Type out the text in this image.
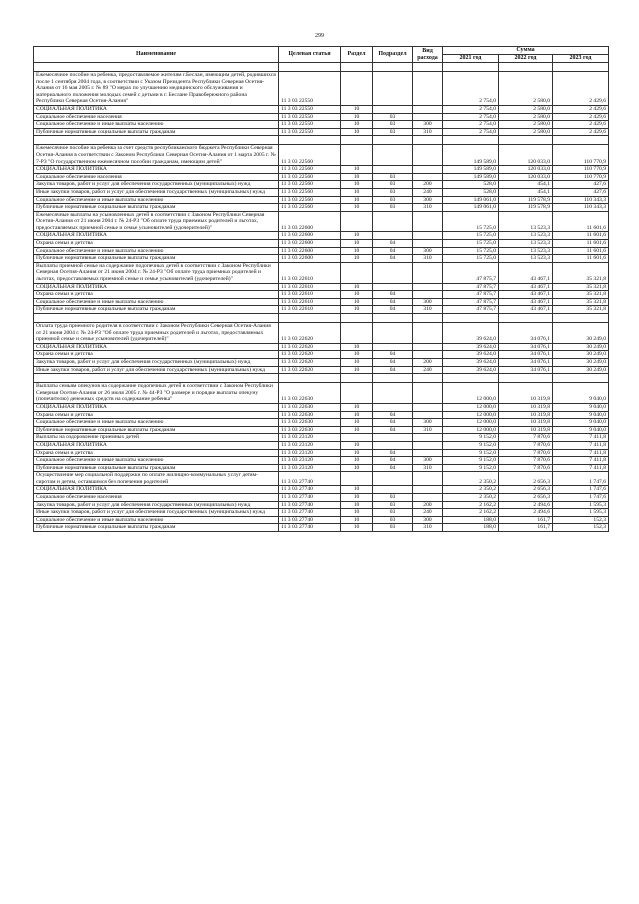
299
Наименование	Целевая статья	Раздел	Подраздел	Вид расхода	Сумма		
					2021 год	2022 год	2023 год

Ежемесячное пособие на ребенка, предоставляемое жителям г.Беслан, имеющим детей, родившихся после 1 сентября 2004 года, в соответствии с Указом Президента Республики Северная Осетия-Алания от 16 мая 2005 г. № 89 "О мерах по улучшению медицинского обслуживания и материального положения молодых семей с детьми в г. Беслане Правобережного района Республики Северная Осетия-Алания"	11 3 03 22550				2 754,0	2 580,0	2 429,6
СОЦИАЛЬНАЯ ПОЛИТИКА	11 3 03 22550	10			2 754,0	2 580,0	2 429,6
Социальное обеспечение населения	11 3 03 22550	10	03		2 754,0	2 580,0	2 429,6
Социальное обеспечение и иные выплаты населению	11 3 03 22550	10	03	300	2 754,0	2 580,0	2 429,6
Публичные нормативные социальные выплаты гражданам	11 3 03 22550	10	03	310	2 754,0	2 580,0	2 429,6

Ежемесячное пособие на ребенка за счет средств республиканского бюджета Республики Северная Осетия-Алания в соответствии с Законом Республики Северная Осетия-Алания от 1 марта 2005 г. № 7-РЗ "О государственном ежемесячном пособии гражданам, имеющим детей"	11 3 03 22560				149 589,0	120 033,0	110 770,9
СОЦИАЛЬНАЯ ПОЛИТИКА	11 3 03 22560	10			149 589,0	120 033,0	110 770,9
Социальное обеспечение населения	11 3 03 22560	10	03		149 589,0	120 033,0	110 770,9
Закупка товаров, работ и услуг для обеспечения государственных (муниципальных) нужд	11 3 03 22560	10	03	200	528,0	454,1	427,6
Иные закупки товаров, работ и услуг для обеспечения государственных (муниципальных) нужд	11 3 03 22560	10	03	240	528,0	454,1	427,6
Социальное обеспечение и иные выплаты населению	11 3 03 22560	10	03	300	149 061,0	119 578,9	110 343,3
Публичные нормативные социальные выплаты гражданам	11 3 03 22560	10	03	310	149 061,0	119 578,9	110 343,3
Ежемесячные выплаты на усыновленных детей в соответствии с Законом Республики Северная Осетия-Алания от 21 июня 2004 г. № 24-РЗ "Об оплате труда приемных родителей и льготах, предоставляемых приемной семье и семье усыновителей (удочерителей)"	11 3 03 22600				15 725,0	13 523,3	11 601,6
СОЦИАЛЬНАЯ ПОЛИТИКА	11 3 03 22600	10			15 725,0	13 523,3	11 601,6
Охрана семьи и детства	11 3 03 22600	10	04		15 725,0	13 523,3	11 601,6
Социальное обеспечение и иные выплаты населению	11 3 03 22600	10	04	300	15 725,0	13 523,3	11 601,6
Публичные нормативные социальные выплаты гражданам	11 3 03 22600	10	04	310	15 725,0	13 523,3	11 601,6
Выплаты приемной семье на содержание подопечных детей в соответствии с Законом Республики Северная Осетия-Алания от 21 июня 2004 г. № 24-РЗ "Об оплате труда приемных родителей и льготах, предоставляемых приемной семье и семье усыновителей (удочерителей)"	11 3 03 22610				47 875,7	43 467,1	35 321,8
СОЦИАЛЬНАЯ ПОЛИТИКА	11 3 03 22610	10			47 875,7	43 467,1	35 321,8
Охрана семьи и детства	11 3 03 22610	10	04		47 875,7	43 467,1	35 321,8
Социальное обеспечение и иные выплаты населению	11 3 03 22610	10	04	300	47 875,7	43 467,1	35 321,8
Публичные нормативные социальные выплаты гражданам	11 3 03 22610	10	04	310	47 875,7	43 467,1	35 321,8

Оплата труда приемного родителя в соответствии с Законом Республики Северная Осетия-Алания от 21 июня 2004 г. № 24-РЗ "Об оплате труда приемных родителей и льготах, предоставляемых приемной семье и семье усыновителей (удочерителей)"	11 3 03 22620				39 624,0	34 076,1	30 249,0
СОЦИАЛЬНАЯ ПОЛИТИКА	11 3 03 22620	10			39 624,0	34 076,1	30 249,0
Охрана семьи и детства	11 3 03 22620	10	04		39 624,0	34 076,1	30 249,0
Закупка товаров, работ и услуг для обеспечения государственных (муниципальных) нужд	11 3 03 22620	10	04	200	39 624,0	34 076,1	30 249,0
Иные закупки товаров, работ и услуг для обеспечения государственных (муниципальных) нужд	11 3 03 22620	10	04	240	39 624,0	34 076,1	30 249,0

Выплаты семьям опекунов на содержание подопечных детей в соответствии с Законом Республики Северная Осетия-Алания от 26 июля 2005 г. № 44-РЗ "О размере и порядке выплаты опекуну (попечителю) денежных средств на содержание ребенка"	11 3 03 22630				12 000,0	10 319,8	9 040,0
СОЦИАЛЬНАЯ ПОЛИТИКА	11 3 03 22630	10			12 000,0	10 319,8	9 040,0
Охрана семьи и детства	11 3 03 22630	10	04		12 000,0	10 319,8	9 040,0
Социальное обеспечение и иные выплаты населению	11 3 03 22630	10	04	300	12 000,0	10 319,8	9 040,0
Публичные нормативные социальные выплаты гражданам	11 3 03 22630	10	04	310	12 000,0	10 319,8	9 040,0
Выплаты на оздоровление приемных детей	11 3 03 23120				9 152,0	7 870,6	7 411,8
СОЦИАЛЬНАЯ ПОЛИТИКА	11 3 03 23120	10			9 152,0	7 870,6	7 411,8
Охрана семьи и детства	11 3 03 23120	10	04		9 152,0	7 870,6	7 411,8
Социальное обеспечение и иные выплаты населению	11 3 03 23120	10	04	300	9 152,0	7 870,6	7 411,8
Публичные нормативные социальные выплаты гражданам	11 3 03 23120	10	04	310	9 152,0	7 870,6	7 411,8
Осуществление мер социальной поддержки по оплате жилищно-коммунальных услуг детям-сиротам и детям, оставшимся без попечения родителей	11 3 03 27740				2 350,2	2 656,3	1 747,6
СОЦИАЛЬНАЯ ПОЛИТИКА	11 3 03 27740	10			2 350,2	2 656,3	1 747,6
Социальное обеспечение населения	11 3 03 27740	10	03		2 350,2	2 656,3	1 747,6
Закупка товаров, работ и услуг для обеспечения государственных (муниципальных) нужд	11 3 03 27740	10	03	200	2 162,2	2 494,6	1 595,3
Иные закупки товаров, работ и услуг для обеспечения государственных (муниципальных) нужд	11 3 03 27740	10	03	240	2 162,2	2 494,6	1 595,3
Социальное обеспечение и иные выплаты населению	11 3 03 27740	10	03	300	188,0	161,7	152,3
Публичные нормативные социальные выплаты гражданам	11 3 03 27740	10	03	310	188,0	161,7	152,3
